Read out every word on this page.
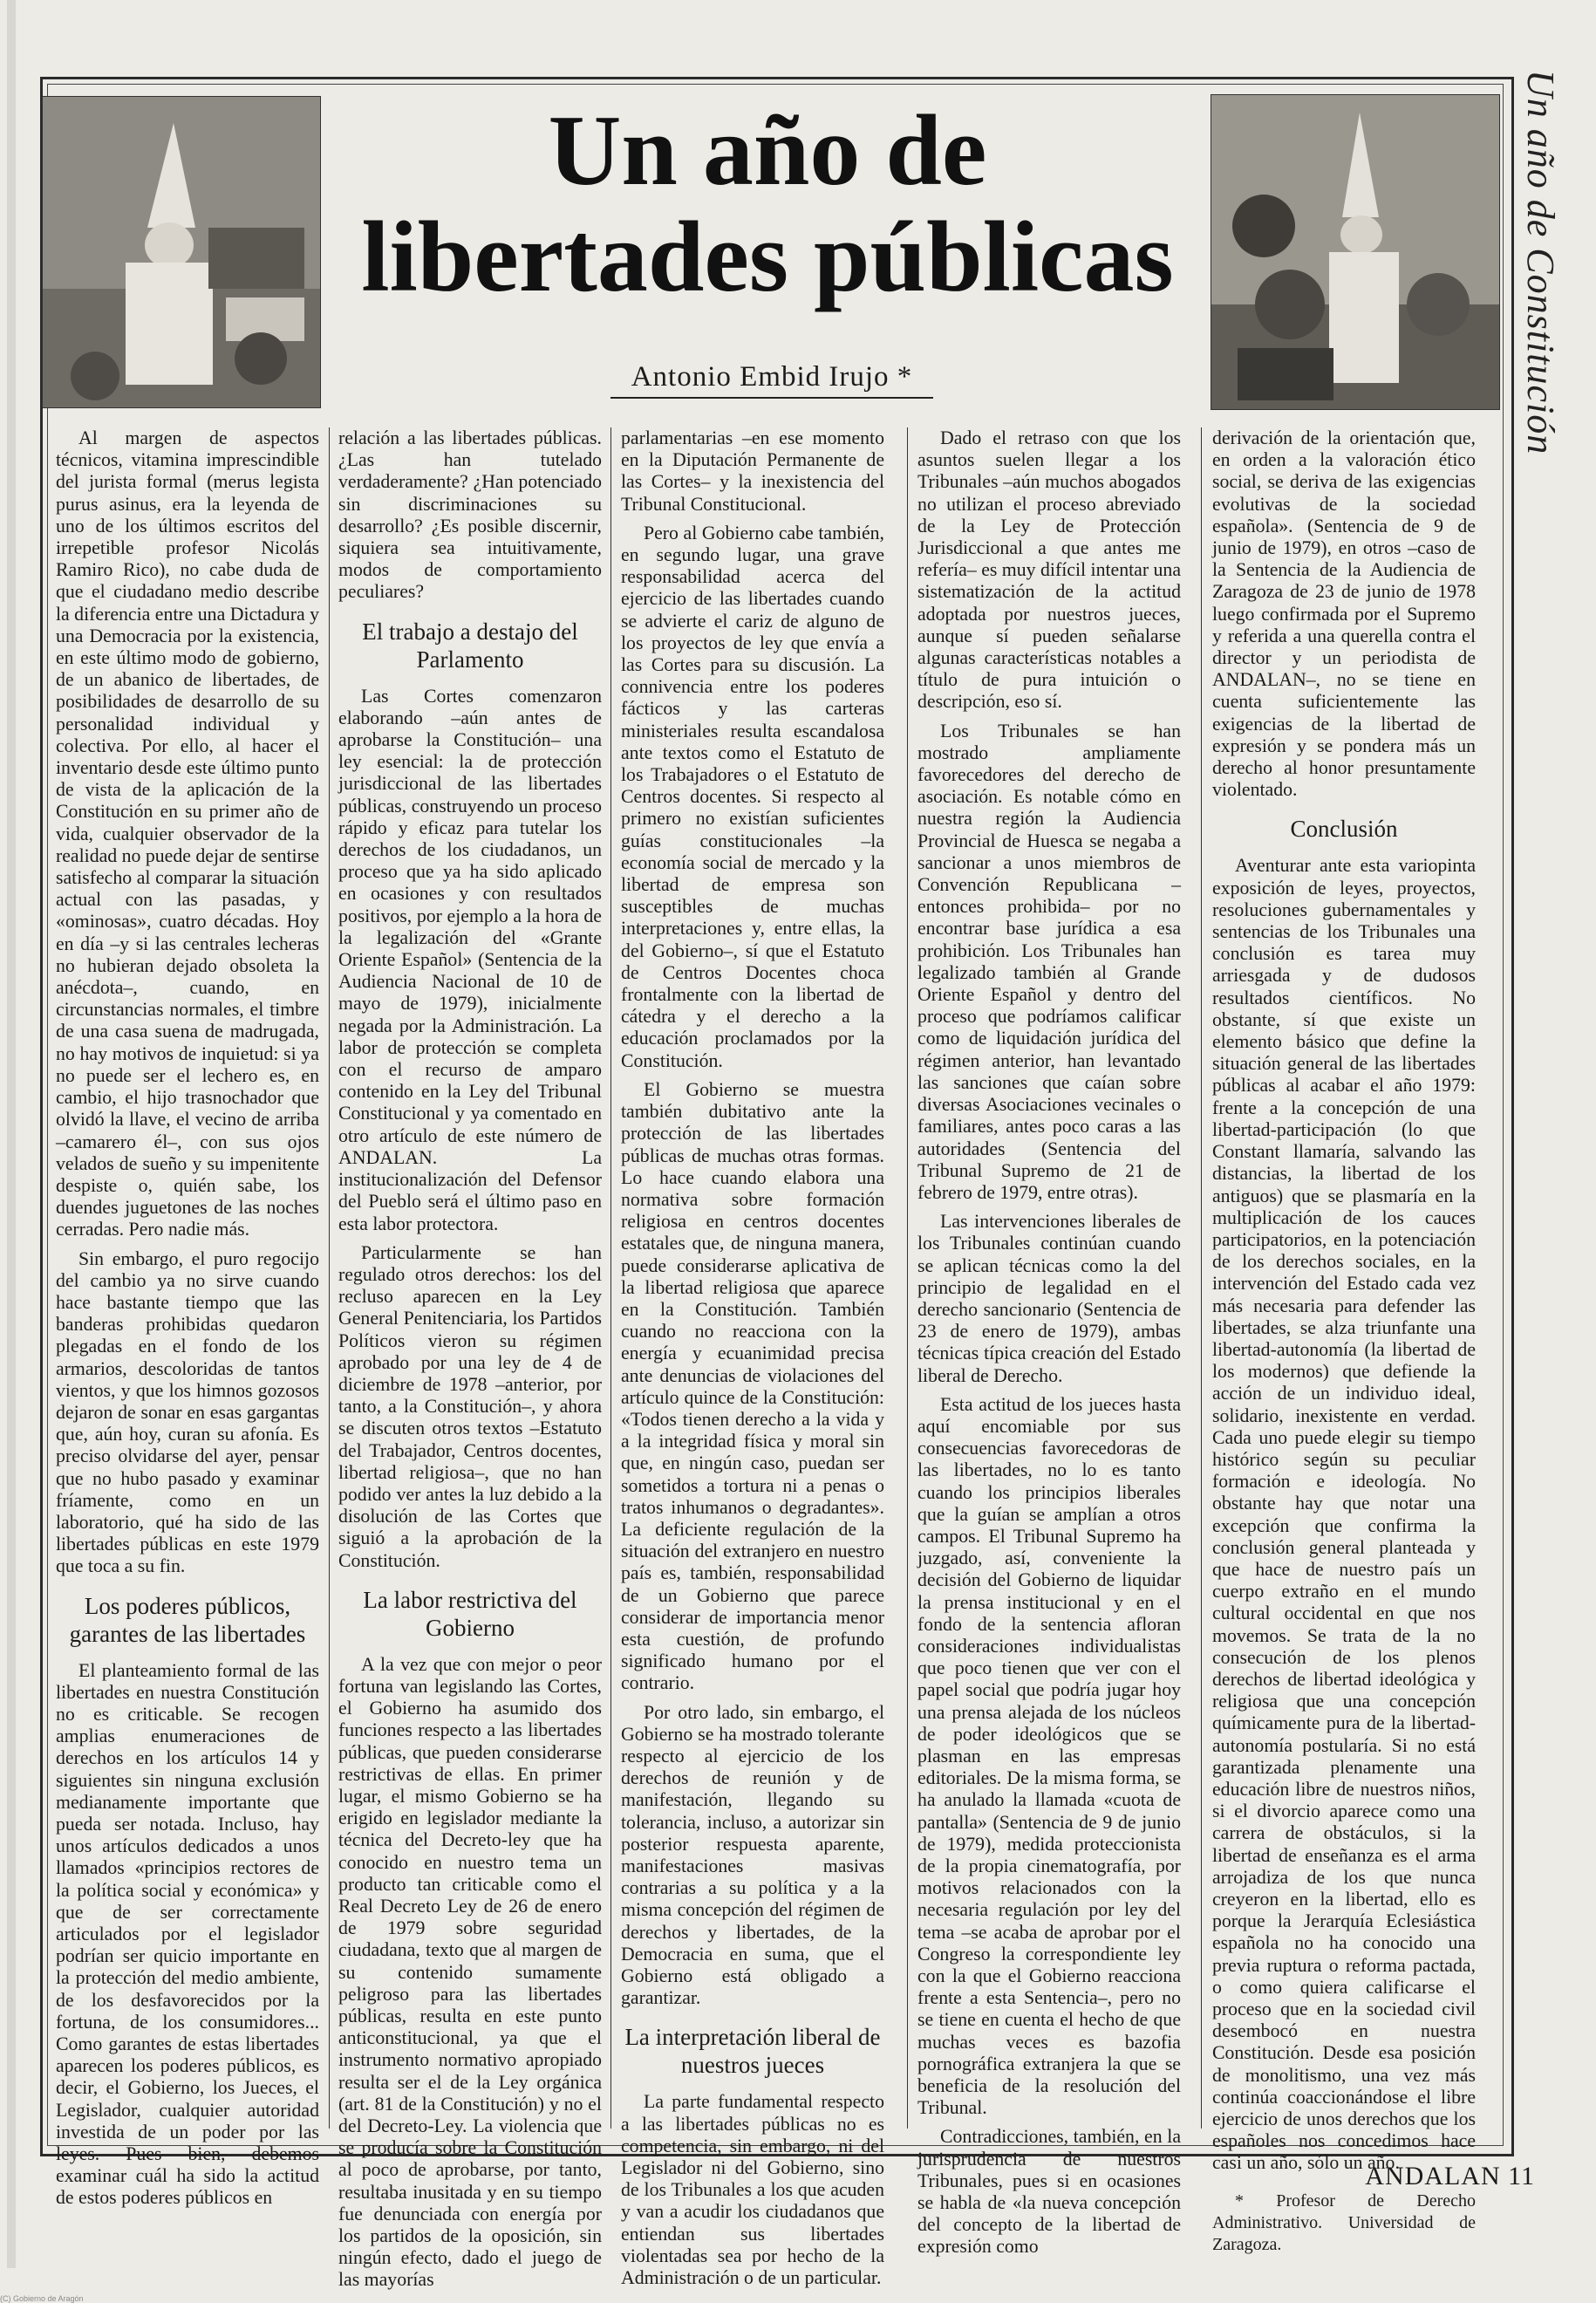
Un año de Constitución
Un año de libertades públicas
Antonio Embid Irujo *

Al margen de aspectos técnicos, vitamina imprescindible del jurista formal (merus legista purus asinus, era la leyenda de uno de los últimos escritos del irrepetible profesor Nicolás Ramiro Rico), no cabe duda de que el ciudadano medio describe la diferencia entre una Dictadura y una Democracia por la existencia, en este último modo de gobierno, de un abanico de libertades, de posibilidades de desarrollo de su personalidad individual y colectiva. Por ello, al hacer el inventario desde este último punto de vista de la aplicación de la Constitución en su primer año de vida, cualquier observador de la realidad no puede dejar de sentirse satisfecho al comparar la situación actual con las pasadas, y «ominosas», cuatro décadas. Hoy en día –y si las centrales lecheras no hubieran dejado obsoleta la anécdota–, cuando, en circunstancias normales, el timbre de una casa suena de madrugada, no hay motivos de inquietud: si ya no puede ser el lechero es, en cambio, el hijo trasnochador que olvidó la llave, el vecino de arriba –camarero él–, con sus ojos velados de sueño y su impenitente despiste o, quién sabe, los duendes juguetones de las noches cerradas. Pero nadie más.

Sin embargo, el puro regocijo del cambio ya no sirve cuando hace bastante tiempo que las banderas prohibidas quedaron plegadas en el fondo de los armarios, descoloridas de tantos vientos, y que los himnos gozosos dejaron de sonar en esas gargantas que, aún hoy, curan su afonía. Es preciso olvidarse del ayer, pensar que no hubo pasado y examinar fríamente, como en un laboratorio, qué ha sido de las libertades públicas en este 1979 que toca a su fin.

Los poderes públicos, garantes de las libertades

El planteamiento formal de las libertades en nuestra Constitución no es criticable. Se recogen amplias enumeraciones de derechos en los artículos 14 y siguientes sin ninguna exclusión medianamente importante que pueda ser notada. Incluso, hay unos artículos dedicados a unos llamados «principios rectores de la política social y económica» y que de ser correctamente articulados por el legislador podrían ser quicio importante en la protección del medio ambiente, de los desfavorecidos por la fortuna, de los consumidores... Como garantes de estas libertades aparecen los poderes públicos, es decir, el Gobierno, los Jueces, el Legislador, cualquier autoridad investida de un poder por las leyes. Pues bien, debemos examinar cuál ha sido la actitud de estos poderes públicos en

relación a las libertades públicas. ¿Las han tutelado verdaderamente? ¿Han potenciado sin discriminaciones su desarrollo? ¿Es posible discernir, siquiera sea intuitivamente, modos de comportamiento peculiares?

El trabajo a destajo del Parlamento

Las Cortes comenzaron elaborando –aún antes de aprobarse la Constitución– una ley esencial: la de protección jurisdiccional de las libertades públicas, construyendo un proceso rápido y eficaz para tutelar los derechos de los ciudadanos, un proceso que ya ha sido aplicado en ocasiones y con resultados positivos, por ejemplo a la hora de la legalización del «Grante Oriente Español» (Sentencia de la Audiencia Nacional de 10 de mayo de 1979), inicialmente negada por la Administración. La labor de protección se completa con el recurso de amparo contenido en la Ley del Tribunal Constitucional y ya comentado en otro artículo de este número de ANDALAN. La institucionalización del Defensor del Pueblo será el último paso en esta labor protectora.

Particularmente se han regulado otros derechos: los del recluso aparecen en la Ley General Penitenciaria, los Partidos Políticos vieron su régimen aprobado por una ley de 4 de diciembre de 1978 –anterior, por tanto, a la Constitución–, y ahora se discuten otros textos –Estatuto del Trabajador, Centros docentes, libertad religiosa–, que no han podido ver antes la luz debido a la disolución de las Cortes que siguió a la aprobación de la Constitución.

La labor restrictiva del Gobierno

A la vez que con mejor o peor fortuna van legislando las Cortes, el Gobierno ha asumido dos funciones respecto a las libertades públicas, que pueden considerarse restrictivas de ellas. En primer lugar, el mismo Gobierno se ha erigido en legislador mediante la técnica del Decreto-ley que ha conocido en nuestro tema un producto tan criticable como el Real Decreto Ley de 26 de enero de 1979 sobre seguridad ciudadana, texto que al margen de su contenido sumamente peligroso para las libertades públicas, resulta en este punto anticonstitucional, ya que el instrumento normativo apropiado resulta ser el de la Ley orgánica (art. 81 de la Constitución) y no el del Decreto-Ley. La violencia que se producía sobre la Constitución al poco de aprobarse, por tanto, resultaba inusitada y en su tiempo fue denunciada con energía por los partidos de la oposición, sin ningún efecto, dado el juego de las mayorías

parlamentarias –en ese momento en la Diputación Permanente de las Cortes– y la inexistencia del Tribunal Constitucional.

Pero al Gobierno cabe también, en segundo lugar, una grave responsabilidad acerca del ejercicio de las libertades cuando se advierte el cariz de alguno de los proyectos de ley que envía a las Cortes para su discusión. La connivencia entre los poderes fácticos y las carteras ministeriales resulta escandalosa ante textos como el Estatuto de los Trabajadores o el Estatuto de Centros docentes. Si respecto al primero no existían suficientes guías constitucionales –la economía social de mercado y la libertad de empresa son susceptibles de muchas interpretaciones y, entre ellas, la del Gobierno–, sí que el Estatuto de Centros Docentes choca frontalmente con la libertad de cátedra y el derecho a la educación proclamados por la Constitución.

El Gobierno se muestra también dubitativo ante la protección de las libertades públicas de muchas otras formas. Lo hace cuando elabora una normativa sobre formación religiosa en centros docentes estatales que, de ninguna manera, puede considerarse aplicativa de la libertad religiosa que aparece en la Constitución. También cuando no reacciona con la energía y ecuanimidad precisa ante denuncias de violaciones del artículo quince de la Constitución: «Todos tienen derecho a la vida y a la integridad física y moral sin que, en ningún caso, puedan ser sometidos a tortura ni a penas o tratos inhumanos o degradantes». La deficiente regulación de la situación del extranjero en nuestro país es, también, responsabilidad de un Gobierno que parece considerar de importancia menor esta cuestión, de profundo significado humano por el contrario.

Por otro lado, sin embargo, el Gobierno se ha mostrado tolerante respecto al ejercicio de los derechos de reunión y de manifestación, llegando su tolerancia, incluso, a autorizar sin posterior respuesta aparente, manifestaciones masivas contrarias a su política y a la misma concepción del régimen de derechos y libertades, de la Democracia en suma, que el Gobierno está obligado a garantizar.

La interpretación liberal de nuestros jueces

La parte fundamental respecto a las libertades públicas no es competencia, sin embargo, ni del Legislador ni del Gobierno, sino de los Tribunales a los que acuden y van a acudir los ciudadanos que entiendan sus libertades violentadas sea por hecho de la Administración o de un particular.

Dado el retraso con que los asuntos suelen llegar a los Tribunales –aún muchos abogados no utilizan el proceso abreviado de la Ley de Protección Jurisdiccional a que antes me refería– es muy difícil intentar una sistematización de la actitud adoptada por nuestros jueces, aunque sí pueden señalarse algunas características notables a título de pura intuición o descripción, eso sí.

Los Tribunales se han mostrado ampliamente favorecedores del derecho de asociación. Es notable cómo en nuestra región la Audiencia Provincial de Huesca se negaba a sancionar a unos miembros de Convención Republicana –entonces prohibida– por no encontrar base jurídica a esa prohibición. Los Tribunales han legalizado también al Grande Oriente Español y dentro del proceso que podríamos calificar como de liquidación jurídica del régimen anterior, han levantado las sanciones que caían sobre diversas Asociaciones vecinales o familiares, antes poco caras a las autoridades (Sentencia del Tribunal Supremo de 21 de febrero de 1979, entre otras).

Las intervenciones liberales de los Tribunales continúan cuando se aplican técnicas como la del principio de legalidad en el derecho sancionario (Sentencia de 23 de enero de 1979), ambas técnicas típica creación del Estado liberal de Derecho.

Esta actitud de los jueces hasta aquí encomiable por sus consecuencias favorecedoras de las libertades, no lo es tanto cuando los principios liberales que la guían se amplían a otros campos. El Tribunal Supremo ha juzgado, así, conveniente la decisión del Gobierno de liquidar la prensa institucional y en el fondo de la sentencia afloran consideraciones individualistas que poco tienen que ver con el papel social que podría jugar hoy una prensa alejada de los núcleos de poder ideológicos que se plasman en las empresas editoriales. De la misma forma, se ha anulado la llamada «cuota de pantalla» (Sentencia de 9 de junio de 1979), medida proteccionista de la propia cinematografía, por motivos relacionados con la necesaria regulación por ley del tema –se acaba de aprobar por el Congreso la correspondiente ley con la que el Gobierno reacciona frente a esta Sentencia–, pero no se tiene en cuenta el hecho de que muchas veces es bazofia pornográfica extranjera la que se beneficia de la resolución del Tribunal.

Contradicciones, también, en la jurisprudencia de nuestros Tribunales, pues si en ocasiones se habla de «la nueva concepción del concepto de la libertad de expresión como

derivación de la orientación que, en orden a la valoración ético social, se deriva de las exigencias evolutivas de la sociedad española». (Sentencia de 9 de junio de 1979), en otros –caso de la Sentencia de la Audiencia de Zaragoza de 23 de junio de 1978 luego confirmada por el Supremo y referida a una querella contra el director y un periodista de ANDALAN–, no se tiene en cuenta suficientemente las exigencias de la libertad de expresión y se pondera más un derecho al honor presuntamente violentado.

Conclusión

Aventurar ante esta variopinta exposición de leyes, proyectos, resoluciones gubernamentales y sentencias de los Tribunales una conclusión es tarea muy arriesgada y de dudosos resultados científicos. No obstante, sí que existe un elemento básico que define la situación general de las libertades públicas al acabar el año 1979: frente a la concepción de una libertad-participación (lo que Constant llamaría, salvando las distancias, la libertad de los antiguos) que se plasmaría en la multiplicación de los cauces participatorios, en la potenciación de los derechos sociales, en la intervención del Estado cada vez más necesaria para defender las libertades, se alza triunfante una libertad-autonomía (la libertad de los modernos) que defiende la acción de un individuo ideal, solidario, inexistente en verdad. Cada uno puede elegir su tiempo histórico según su peculiar formación e ideología. No obstante hay que notar una excepción que confirma la conclusión general planteada y que hace de nuestro país un cuerpo extraño en el mundo cultural occidental en que nos movemos. Se trata de la no consecución de los plenos derechos de libertad ideológica y religiosa que una concepción químicamente pura de la libertad-autonomía postularía. Si no está garantizada plenamente una educación libre de nuestros niños, si el divorcio aparece como una carrera de obstáculos, si la libertad de enseñanza es el arma arrojadiza de los que nunca creyeron en la libertad, ello es porque la Jerarquía Eclesiástica española no ha conocido una previa ruptura o reforma pactada, o como quiera calificarse el proceso que en la sociedad civil desembocó en nuestra Constitución. Desde esa posición de monolitismo, una vez más continúa coaccionándose el libre ejercicio de unos derechos que los españoles nos concedimos hace casi un año, sólo un año.

* Profesor de Derecho Administrativo. Universidad de Zaragoza.

ANDALAN 11
(C) Gobierno de Aragón
